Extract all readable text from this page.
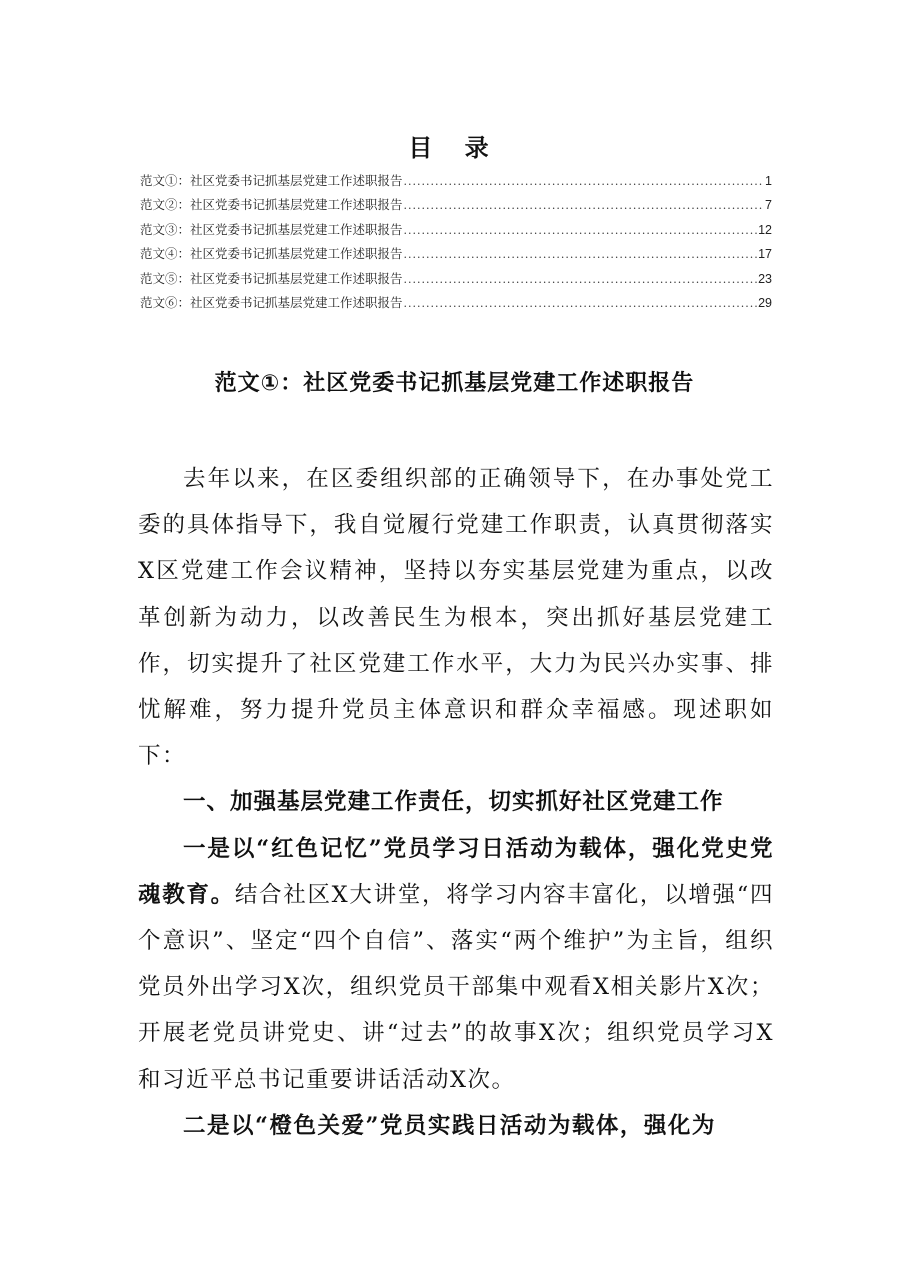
目 录
范文①：社区党委书记抓基层党建工作述职报告 .....	1
范文②：社区党委书记抓基层党建工作述职报告 .....	7
范文③：社区党委书记抓基层党建工作述职报告 .....	12
范文④：社区党委书记抓基层党建工作述职报告 .....	17
范文⑤：社区党委书记抓基层党建工作述职报告 .....	23
范文⑥：社区党委书记抓基层党建工作述职报告 .....	29
范文①：社区党委书记抓基层党建工作述职报告

去年以来，在区委组织部的正确领导下，在办事处党工委的具体指导下，我自觉履行党建工作职责，认真贯彻落实X区党建工作会议精神，坚持以夯实基层党建为重点，以改革创新为动力，以改善民生为根本，突出抓好基层党建工作，切实提升了社区党建工作水平，大力为民兴办实事、排忧解难，努力提升党员主体意识和群众幸福感。现述职如下：

一、加强基层党建工作责任，切实抓好社区党建工作

一是以“红色记忆”党员学习日活动为载体，强化党史党魂教育。结合社区X大讲堂，将学习内容丰富化，以增强“四个意识”、坚定“四个自信”、落实“两个维护”为主旨，组织党员外出学习X次，组织党员干部集中观看X相关影片X次；开展老党员讲党史、讲“过去”的故事X次；组织党员学习X和习近平总书记重要讲话活动X次。

二是以“橙色关爱”党员实践日活动为载体，强化为
